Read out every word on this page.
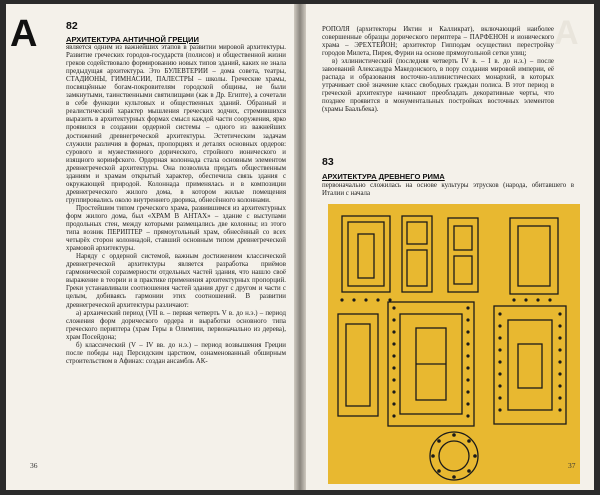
А	82
АРХИТЕКТУРА АНТИЧНОЙ ГРЕЦИИ

является одним из важнейших этапов в развитии мировой архитектуры. Развитие греческих городов-государств (полисов) и общественной жизни греков содействовало формированию новых типов зданий, каких не знала предыдущая архитектура. Это БУЛЕВТЕРИИ – дома совета, театры, СТАДИОНЫ, ГИМНАСИИ, ПАЛЕСТРЫ – школы. Греческие храмы, посвящённые богам-покровителям городской общины, не были замкнутыми, таинственными святилищами (как в Др. Египте), а сочетали в себе функции культовых и общественных зданий. Образный и реалистический характер мышления греческих зодчих, стремившихся выразить в архитектурных формах смысл каждой части сооружения, ярко проявился в создании ордерной системы – одного из важнейших достижений древнегреческой архитектуры. Эстетическим задачам служили различия в формах, пропорциях и деталях основных ордеров: сурового и мужественного дорического, стройного ионического и изящного коринфского. Ордерная колоннада стала основным элементом древнегреческой архитектуры. Она позволила придать общественным зданиям и храмам открытый характер, обеспечила связь здания с окружающей природой. Колоннада применялась и в композиции древнегреческого жилого дома, в котором жилые помещения группировались около внутреннего дворика, обнесённого колоннами.

Простейшим типом греческого храма, развившимся из архитектурных форм жилого дома, был «ХРАМ В АНТАХ» – здание с выступами продольных стен, между которыми размещались две колонны; из этого типа возник ПЕРИПТЕР – прямоугольный храм, обнесённый со всех четырёх сторон колоннадой, ставший основным типом древнегреческой храмовой архитектуры.

Наряду с ордерной системой, важным достижением классической древнегреческой архитектуры является разработка приёмов гармонической соразмерности отдельных частей здания, что нашло своё выражение в теории и в практике применения архитектурных пропорций. Греки устанавливали соотношения частей здания друг с другом и части с целым, добиваясь гармонии этих соотношений. В развитии древнегреческой архитектуры различают:

а) архаический период (VII в. – первая четверть V в. до н.э.) – период сложения форм дорического ордера и выработки основного типа греческого периптера (храм Геры в Олимпии, первоначально из дерева), храм Посейдона;

б) классический (V – IV вв. до н.э.) – период возвышения Греции после победы над Персидским царством, ознаменованный обширным строительством в Афинах: создан ансамбль АК-

36
А

РОПОЛЯ (архитекторы Иктин и Калликрат), включающий наиболее совершенные образцы дорического периптера – ПАРФЕНОН и ионического храма – ЭРЕХТЕЙОН; архитектор Гипподам осуществил перестройку городов Милета, Пирея, Фурии на основе прямоугольной сетки улиц;

в) эллинистический (последняя четверть IV в. – I в. до н.э.) – после завоеваний Александра Македонского, в пору создания мировой империи, её распада и образования восточно-эллинистических монархий, в которых утрачивает своё значение класс свободных граждан полиса. В этот период в греческой архитектуре начинают преобладать декоративные черты, что позднее проявится в монументальных постройках восточных элементов (храмы Баальбека).

83
АРХИТЕКТУРА ДРЕВНЕГО РИМА

первоначально сложилась на основе культуры этрусков (народа, обитавшего в Италии с начала

37
